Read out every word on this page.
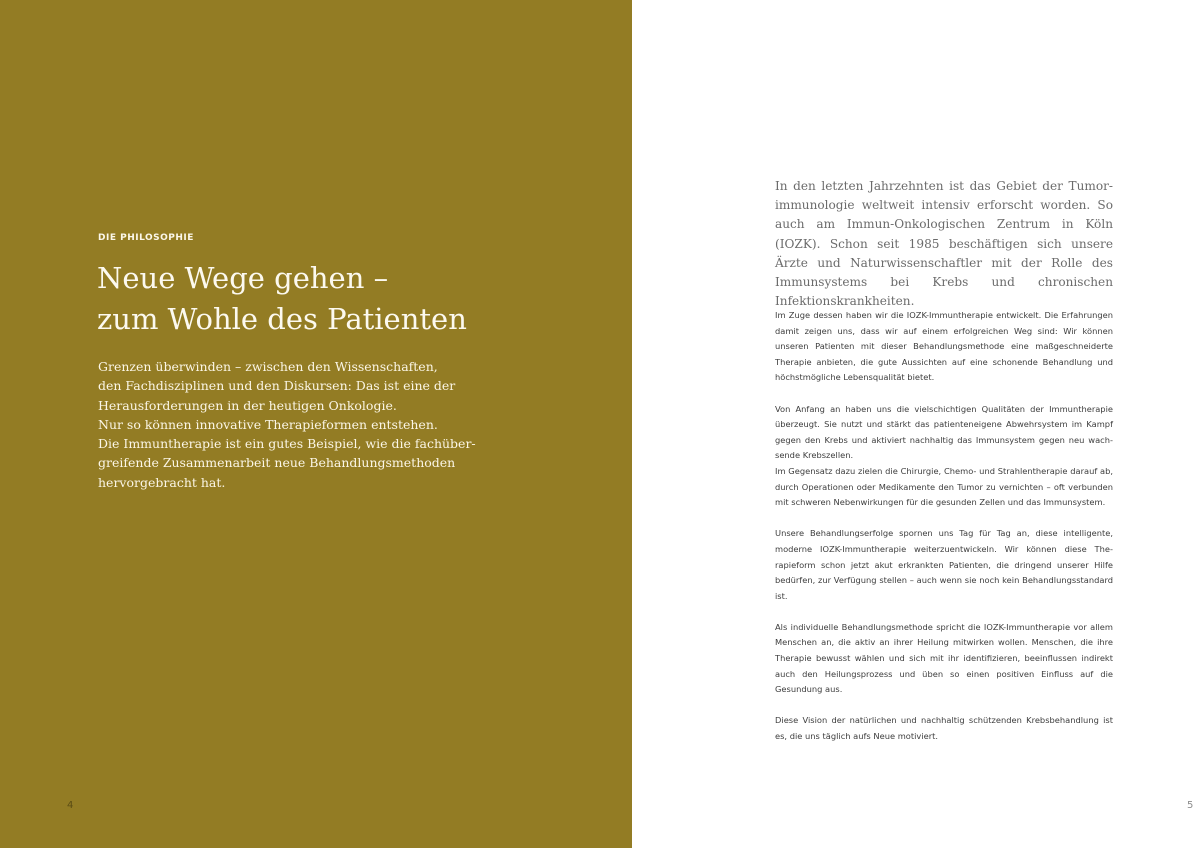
DIE PHILOSOPHIE
Neue Wege gehen –
zum Wohle des Patienten
Grenzen überwinden – zwischen den Wissenschaften,
den Fachdisziplinen und den Diskursen: Das ist eine der
Herausforderungen in der heutigen Onkologie.
Nur so können innovative Therapieformen entstehen.
Die Immuntherapie ist ein gutes Beispiel, wie die fachüber-
greifende Zusammenarbeit neue Behandlungsmethoden
hervorgebracht hat.
4
In den letzten Jahrzehnten ist das Gebiet der Tumorimmunologie weltweit intensiv erforscht worden. So auch am Immun-Onkologischen Zentrum in Köln (IOZK). Schon seit 1985 beschäftigen sich unsere Ärzte und Naturwissenschaftler mit der Rolle des Immunsystems bei Krebs und chronischen Infektionskrankheiten.

Im Zuge dessen haben wir die IOZK-Immuntherapie entwickelt. Die Erfahrungen damit zeigen uns, dass wir auf einem erfolgreichen Weg sind: Wir können unseren Patienten mit dieser Behandlungsmethode eine maßgeschneiderte Therapie anbieten, die gute Aussichten auf eine schonende Behandlung und höchstmögliche Lebensqualität bietet.

Von Anfang an haben uns die vielschichtigen Qualitäten der Immuntherapie überzeugt. Sie nutzt und stärkt das patienteneigene Abwehrsystem im Kampf gegen den Krebs und aktiviert nachhaltig das Immunsystem gegen neu wachsende Krebszellen.
Im Gegensatz dazu zielen die Chirurgie, Chemo- und Strahlentherapie darauf ab, durch Operationen oder Medikamente den Tumor zu vernichten – oft verbunden mit schweren Nebenwirkungen für die gesunden Zellen und das Immunsystem.

Unsere Behandlungserfolge spornen uns Tag für Tag an, diese intelligente, moderne IOZK-Immuntherapie weiterzuentwickeln. Wir können diese Therapieform schon jetzt akut erkrankten Patienten, die dringend unserer Hilfe bedürfen, zur Verfügung stellen – auch wenn sie noch kein Behandlungsstandard ist.

Als individuelle Behandlungsmethode spricht die IOZK-Immuntherapie vor allem Menschen an, die aktiv an ihrer Heilung mitwirken wollen. Menschen, die ihre Therapie bewusst wählen und sich mit ihr identifizieren, beeinflussen indirekt auch den Heilungsprozess und üben so einen positiven Einfluss auf die Gesundung aus.

Diese Vision der natürlichen und nachhaltig schützenden Krebsbehandlung ist es, die uns täglich aufs Neue motiviert.

5
